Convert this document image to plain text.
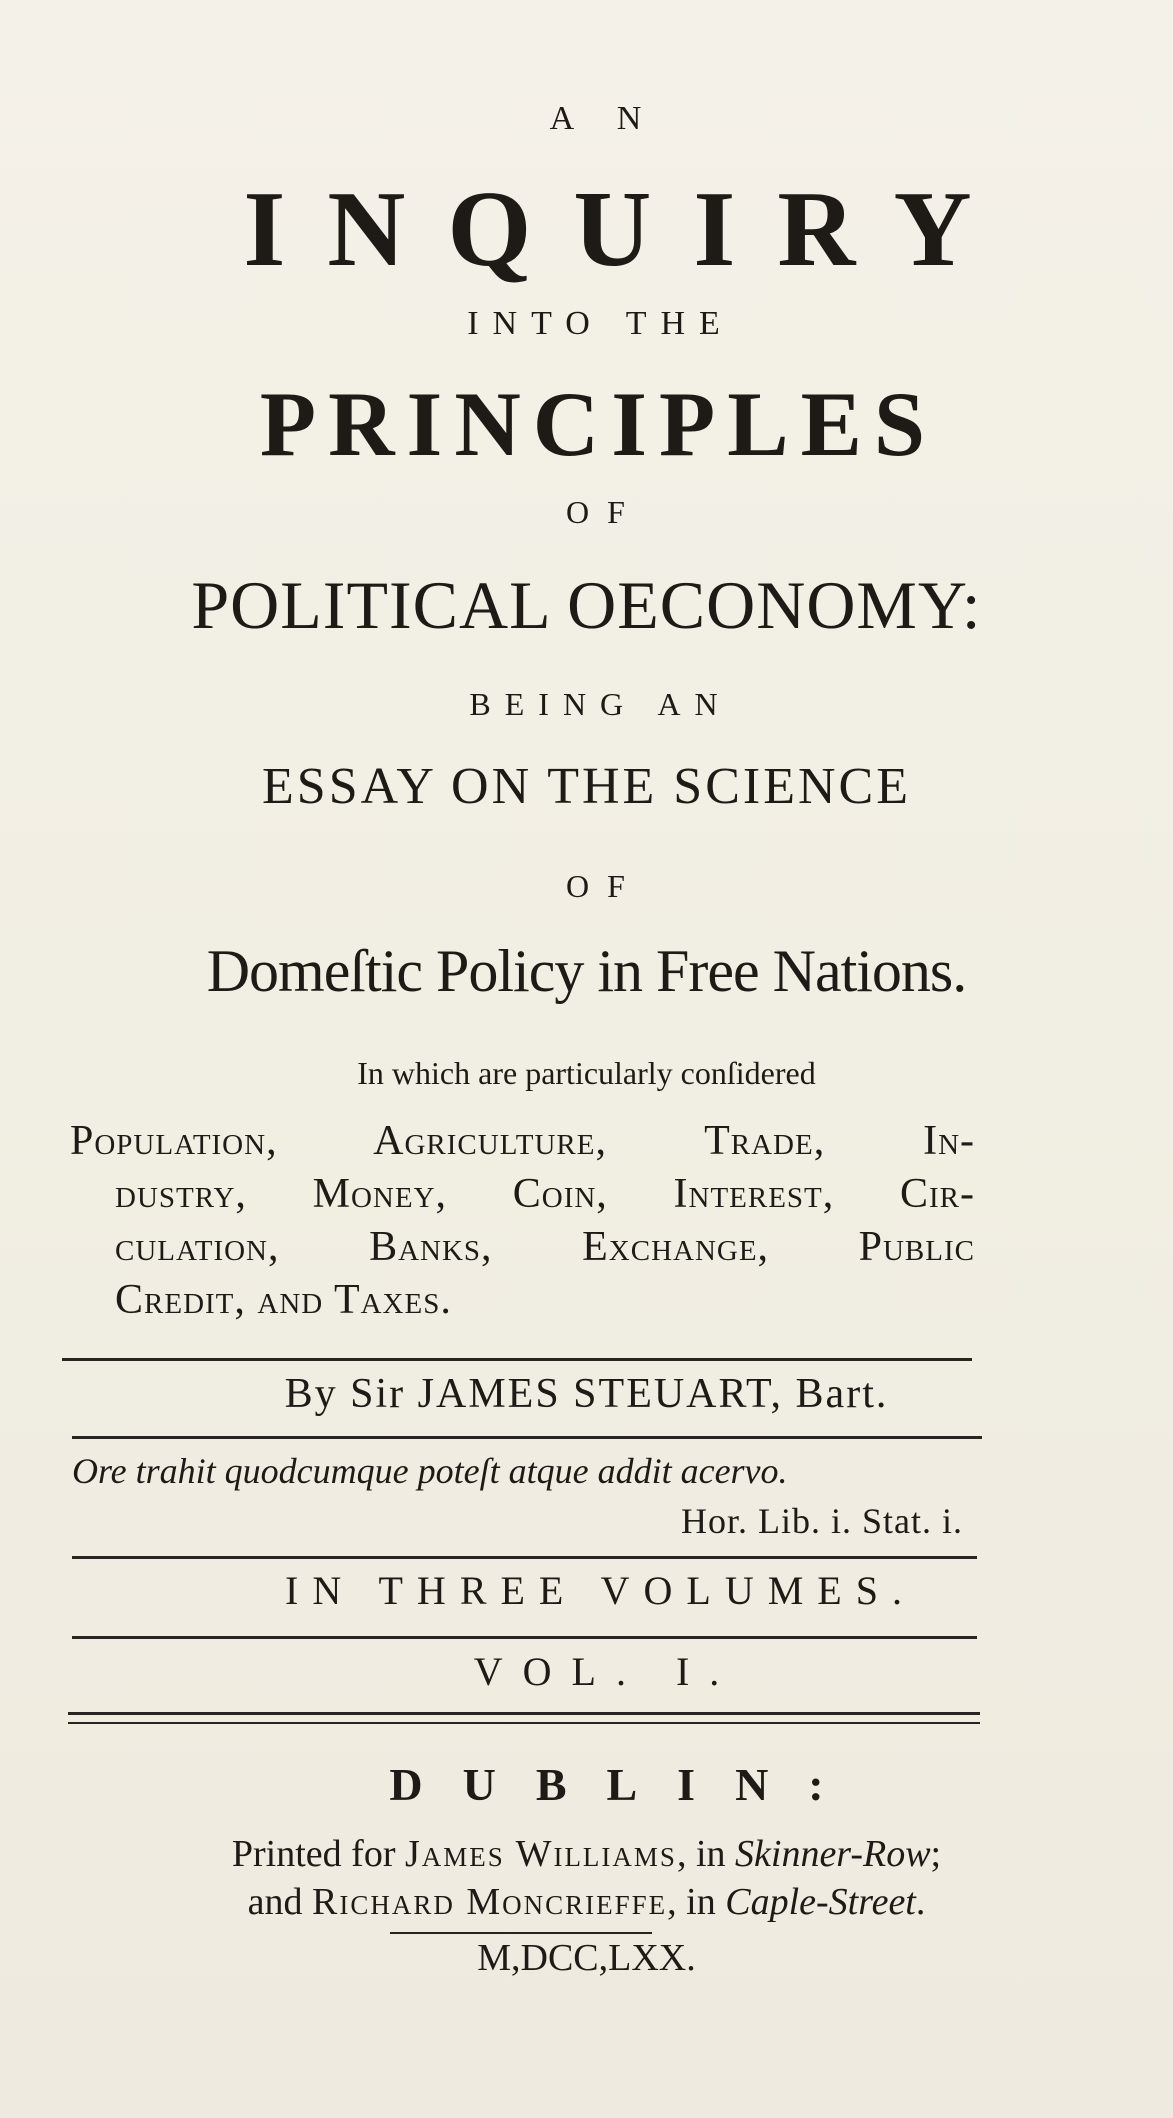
A N
INQUIRY
INTO THE
PRINCIPLES
OF
POLITICAL OECONOMY:
BEING AN
ESSAY ON THE SCIENCE
OF
Domeſtic Policy in Free Nations.
In which are particularly conſidered
Population, Agriculture, Trade, In-
dustry, Money, Coin, Interest, Cir-
culation, Banks, Exchange, Public
Credit, and Taxes.
By Sir JAMES STEUART, Bart.
Ore trahit quodcumque poteſt atque addit acervo.
Hor. Lib. i. Stat. i.
IN THREE VOLUMES.
VOL. I.
DUBLIN:
Printed for James Williams, in Skinner-Row;
and Richard Moncrieffe, in Caple-Street.
M,DCC,LXX.
